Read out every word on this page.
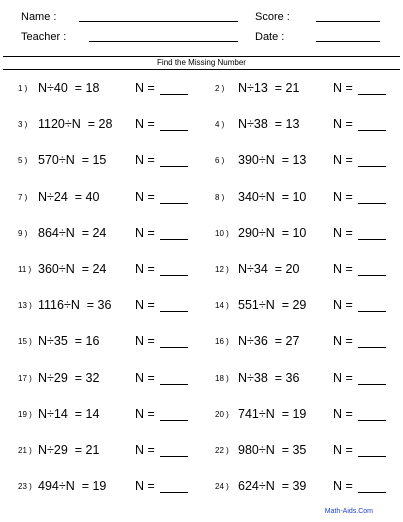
Name :	Score :
Teacher :	Date :
Find the Missing Number
1 ) N÷40  = 18	N =	2 ) N÷13  = 21	N =
3 ) 1120÷N  = 28 N =	4 ) N÷38  = 13	N =
5 ) 570÷N  = 15 N =	6 ) 390÷N  = 13 N =
7 ) N÷24  = 40	N =	8 ) 340÷N  = 10 N =
9 ) 864÷N  = 24 N =	10 ) 290÷N  = 10 N =
11 ) 360÷N  = 24 N =	12 ) N÷34  = 20	N =
13 ) 1116÷N  = 36 N =	14 ) 551÷N  = 29 N =
15 ) N÷35  = 16	N =	16 ) N÷36  = 27	N =
17 ) N÷29  = 32	N =	18 ) N÷38  = 36	N =
19 ) N÷14  = 14	N =	20 ) 741÷N  = 19 N =
21 ) N÷29  = 21	N =	22 ) 980÷N  = 35 N =
23 ) 494÷N  = 19 N =	24 ) 624÷N  = 39 N =
Math-Aids.Com
